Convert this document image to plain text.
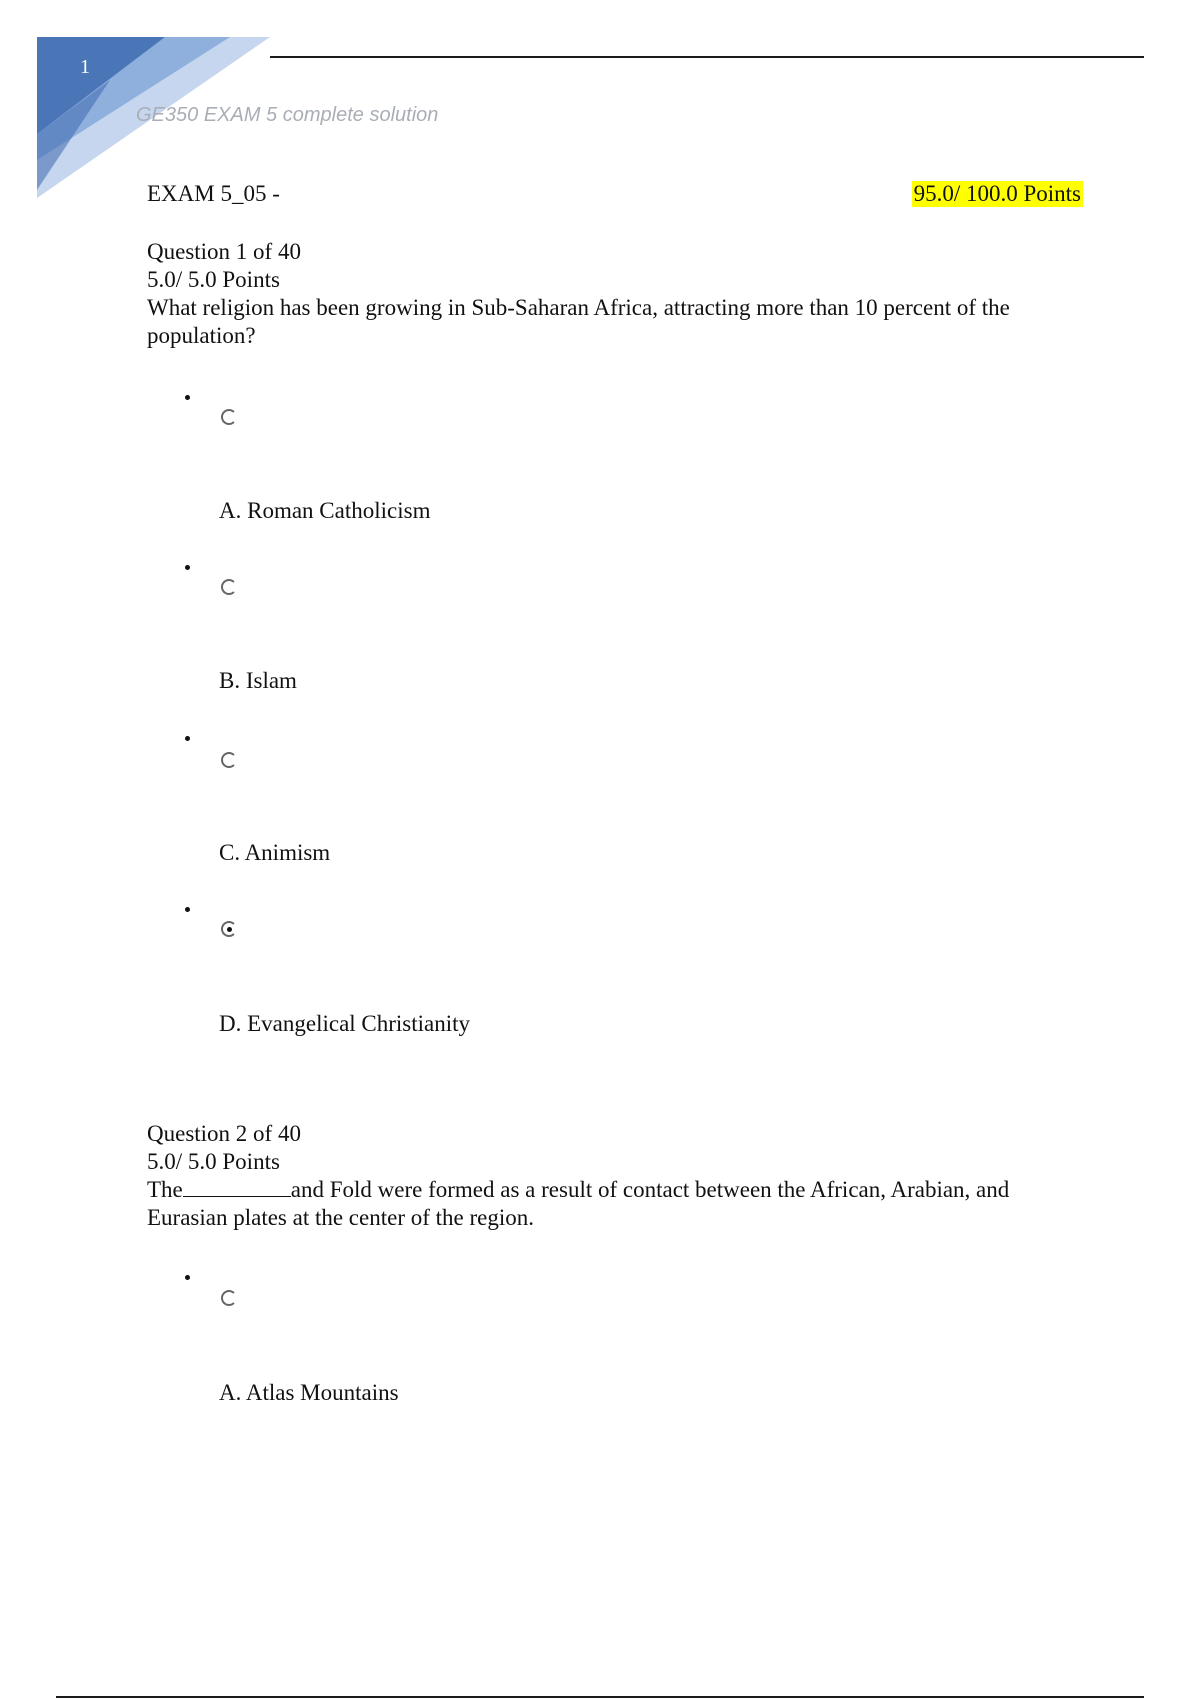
1
GE350 EXAM 5 complete solution
EXAM 5_05 -	95.0/ 100.0 Points
Question 1 of 40
5.0/ 5.0 Points
What religion has been growing in Sub-Saharan Africa, attracting more than 10 percent of the population?
A. Roman Catholicism
B. Islam
C. Animism
D. Evangelical Christianity
Question 2 of 40
5.0/ 5.0 Points
The	and Fold were formed as a result of contact between the African, Arabian, and Eurasian plates at the center of the region.
A. Atlas Mountains
